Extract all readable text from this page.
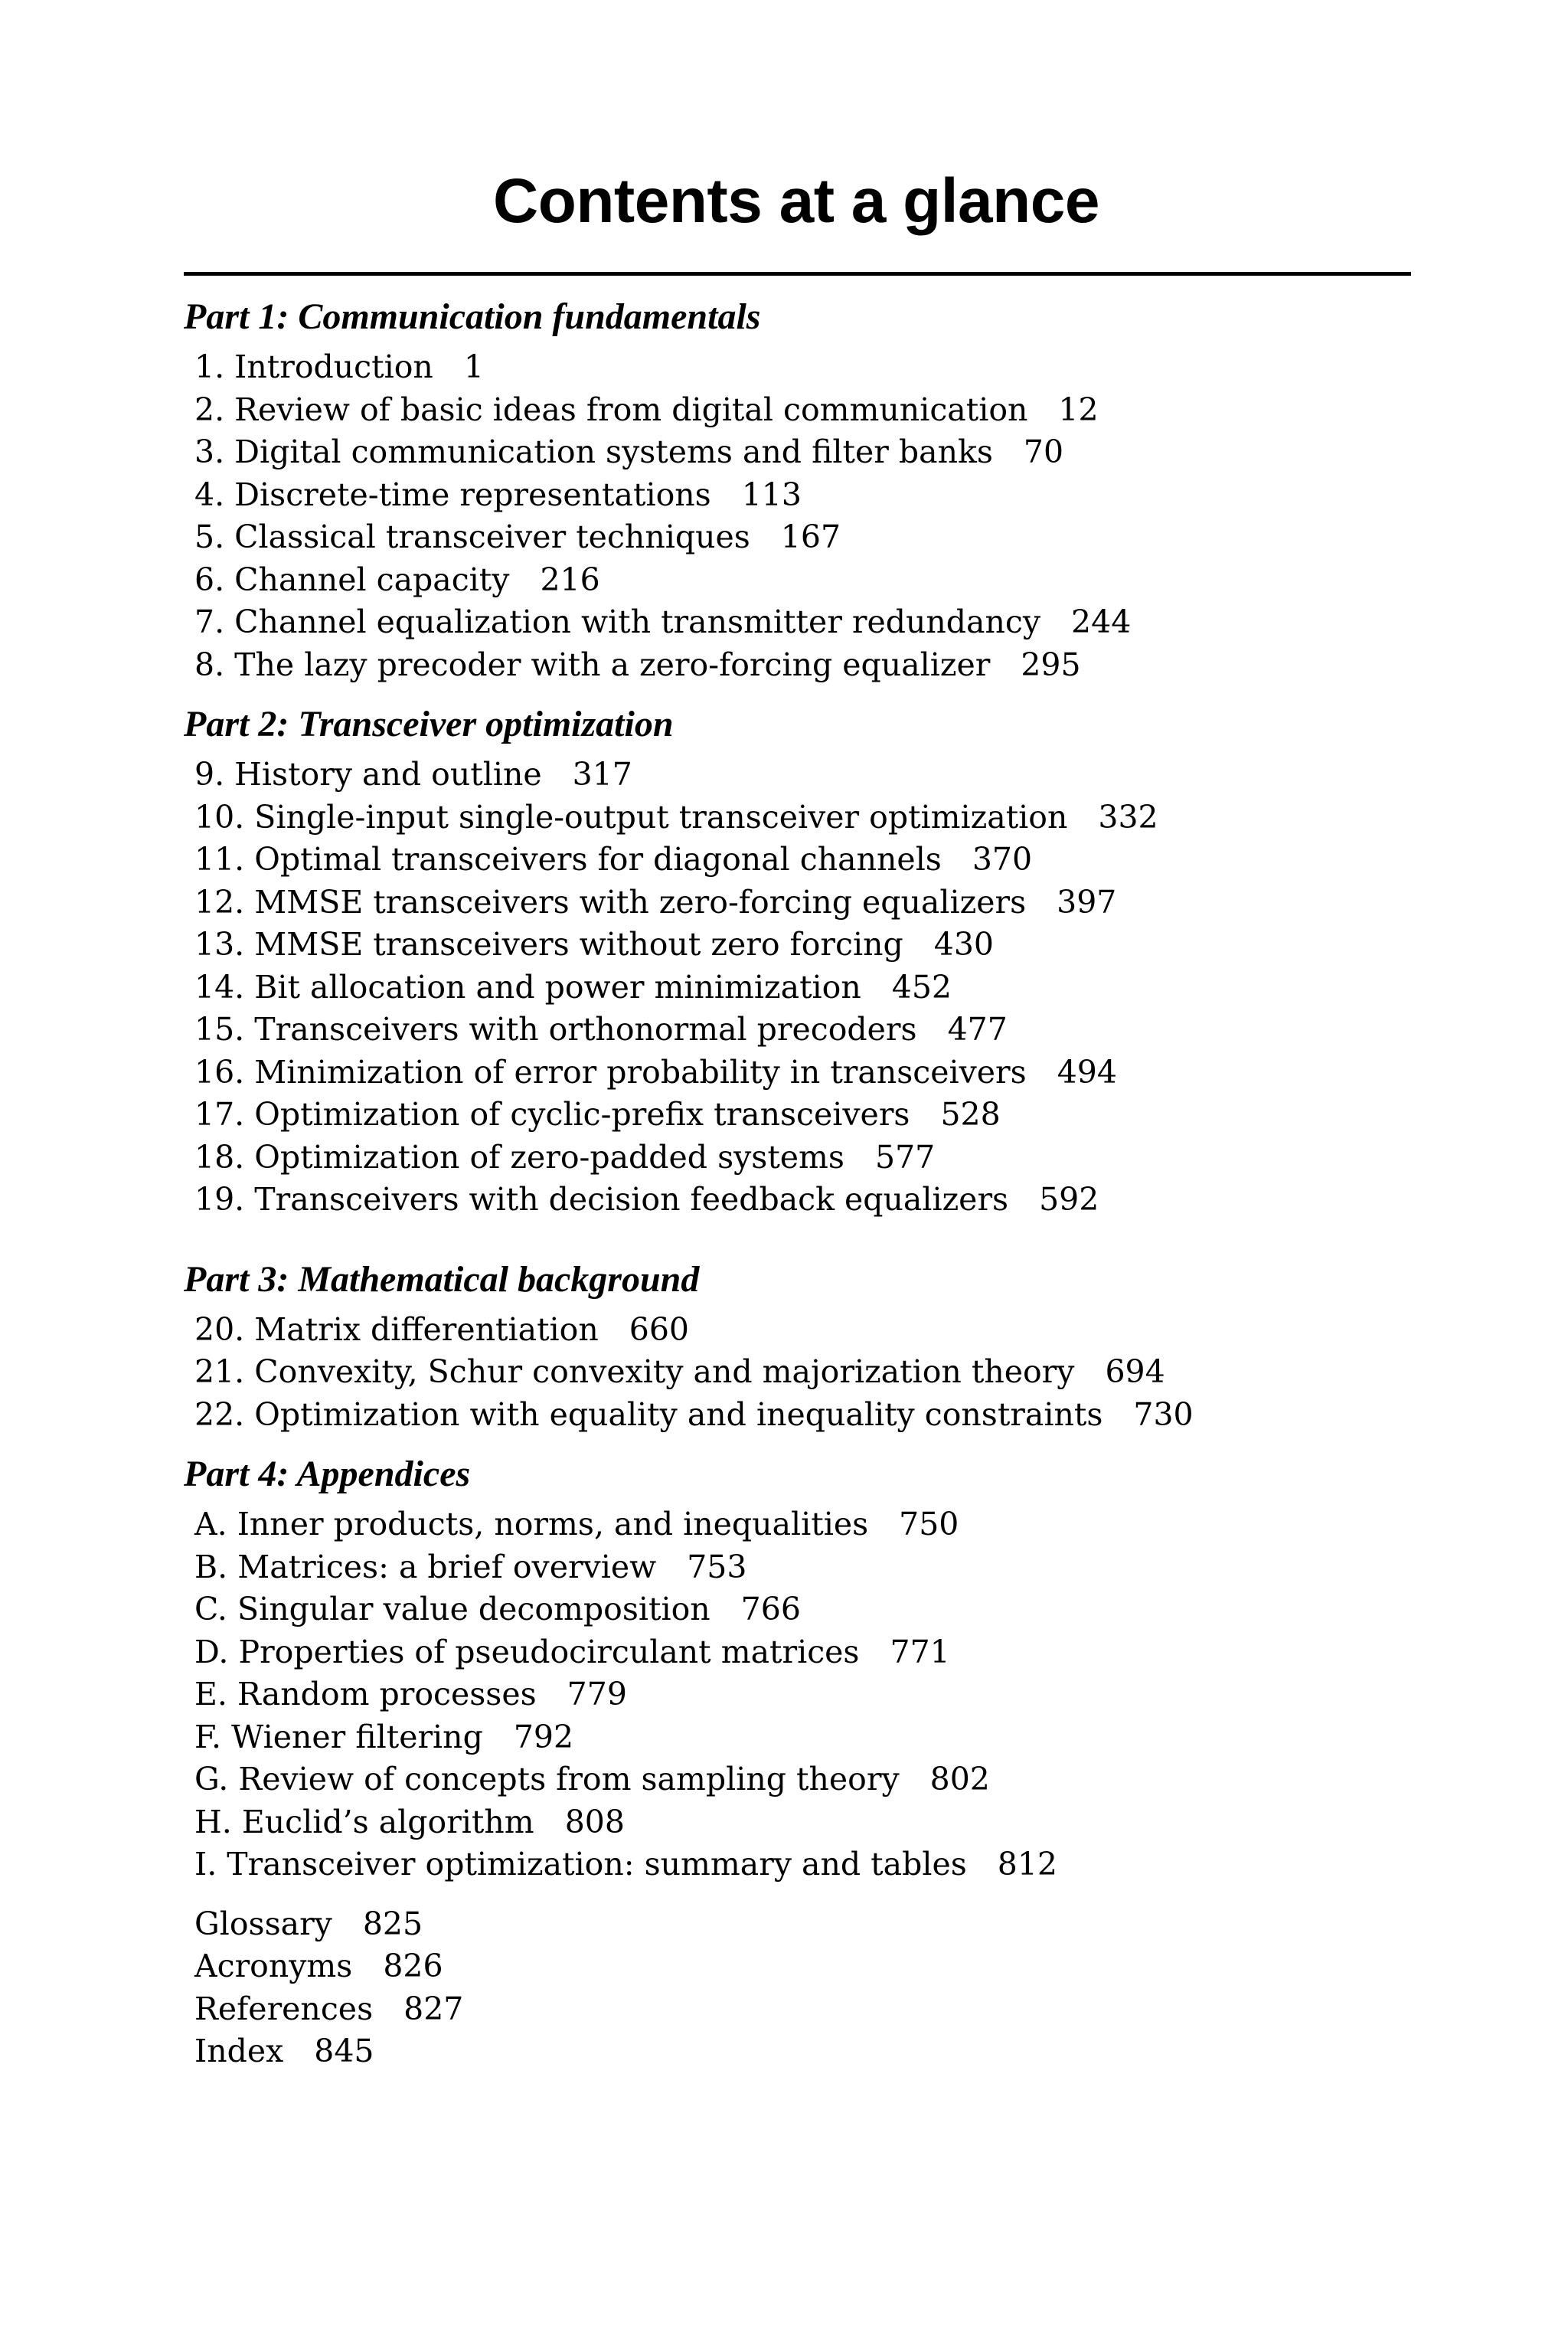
Contents at a glance
Part 1: Communication fundamentals
1. Introduction 1
2. Review of basic ideas from digital communication 12
3. Digital communication systems and filter banks 70
4. Discrete-time representations 113
5. Classical transceiver techniques 167
6. Channel capacity 216
7. Channel equalization with transmitter redundancy 244
8. The lazy precoder with a zero-forcing equalizer 295
Part 2: Transceiver optimization
9. History and outline 317
10. Single-input single-output transceiver optimization 332
11. Optimal transceivers for diagonal channels 370
12. MMSE transceivers with zero-forcing equalizers 397
13. MMSE transceivers without zero forcing 430
14. Bit allocation and power minimization 452
15. Transceivers with orthonormal precoders 477
16. Minimization of error probability in transceivers 494
17. Optimization of cyclic-prefix transceivers 528
18. Optimization of zero-padded systems 577
19. Transceivers with decision feedback equalizers 592
Part 3: Mathematical background
20. Matrix differentiation 660
21. Convexity, Schur convexity and majorization theory 694
22. Optimization with equality and inequality constraints 730
Part 4: Appendices
A. Inner products, norms, and inequalities 750
B. Matrices: a brief overview 753
C. Singular value decomposition 766
D. Properties of pseudocirculant matrices 771
E. Random processes 779
F. Wiener filtering 792
G. Review of concepts from sampling theory 802
H. Euclid’s algorithm 808
I. Transceiver optimization: summary and tables 812
Glossary 825
Acronyms 826
References 827
Index 845
